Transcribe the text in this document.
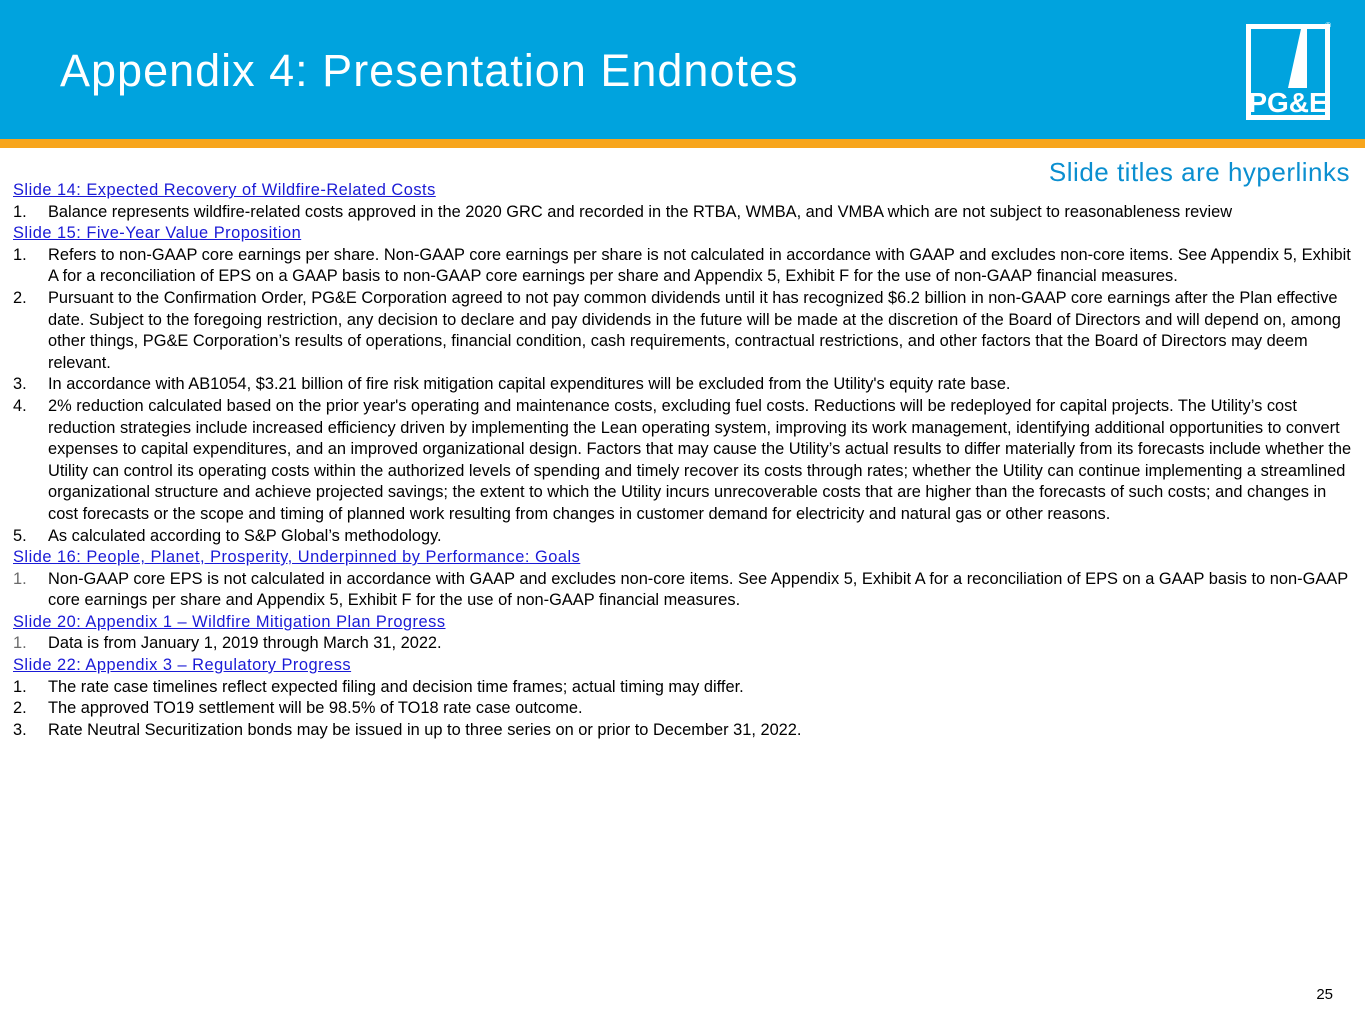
Appendix 4: Presentation Endnotes
PG&E
®
Slide titles are hyperlinks
Slide 14: Expected Recovery of Wildfire-Related Costs
1.	Balance represents wildfire-related costs approved in the 2020 GRC and recorded in the RTBA, WMBA, and VMBA which are not subject to reasonableness review
Slide 15: Five-Year Value Proposition
1.	Refers to non-GAAP core earnings per share. Non-GAAP core earnings per share is not calculated in accordance with GAAP and excludes non-core items. See Appendix 5, Exhibit A for a reconciliation of EPS on a GAAP basis to non-GAAP core earnings per share and Appendix 5, Exhibit F for the use of non-GAAP financial measures.
2.	Pursuant to the Confirmation Order, PG&E Corporation agreed to not pay common dividends until it has recognized $6.2 billion in non-GAAP core earnings after the Plan effective date. Subject to the foregoing restriction, any decision to declare and pay dividends in the future will be made at the discretion of the Board of Directors and will depend on, among other things, PG&E Corporation’s results of operations, financial condition, cash requirements, contractual restrictions, and other factors that the Board of Directors may deem relevant.
3.	In accordance with AB1054, $3.21 billion of fire risk mitigation capital expenditures will be excluded from the Utility's equity rate base.
4.	2% reduction calculated based on the prior year's operating and maintenance costs, excluding fuel costs. Reductions will be redeployed for capital projects. The Utility’s cost reduction strategies include increased efficiency driven by implementing the Lean operating system, improving its work management, identifying additional opportunities to convert expenses to capital expenditures, and an improved organizational design. Factors that may cause the Utility’s actual results to differ materially from its forecasts include whether the Utility can control its operating costs within the authorized levels of spending and timely recover its costs through rates; whether the Utility can continue implementing a streamlined organizational structure and achieve projected savings; the extent to which the Utility incurs unrecoverable costs that are higher than the forecasts of such costs; and changes in cost forecasts or the scope and timing of planned work resulting from changes in customer demand for electricity and natural gas or other reasons.
5.	As calculated according to S&P Global’s methodology.
Slide 16: People, Planet, Prosperity, Underpinned by Performance: Goals
1.	Non-GAAP core EPS is not calculated in accordance with GAAP and excludes non-core items. See Appendix 5, Exhibit A for a reconciliation of EPS on a GAAP basis to non-GAAP core earnings per share and Appendix 5, Exhibit F for the use of non-GAAP financial measures.
Slide 20: Appendix 1 – Wildfire Mitigation Plan Progress
1.	Data is from January 1, 2019 through March 31, 2022.
Slide 22: Appendix 3 – Regulatory Progress
1.	The rate case timelines reflect expected filing and decision time frames; actual timing may differ.
2.	The approved TO19 settlement will be 98.5% of TO18 rate case outcome.
3.	Rate Neutral Securitization bonds may be issued in up to three series on or prior to December 31, 2022.
25
